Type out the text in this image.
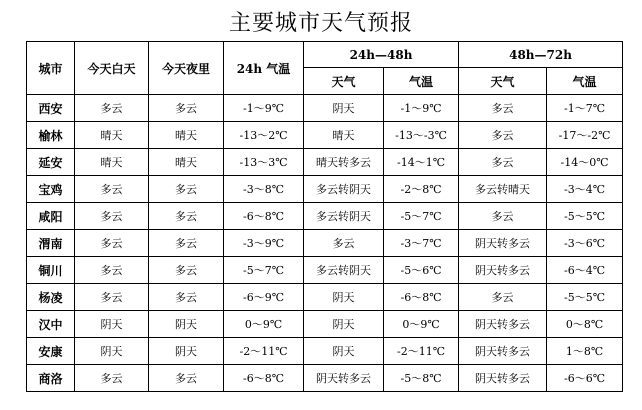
主要城市天气预报
城市	今天白天	今天夜里	24h 气温	24h—48h		48h—72h	
				天气	气温	天气	气温
西安	多云	多云	-1～9℃	阴天	-1～9℃	多云	-1～7℃
榆林	晴天	晴天	-13～2℃	晴天	-13～-3℃	多云	-17～-2℃
延安	晴天	晴天	-13～3℃	晴天转多云	-14～1℃	多云	-14～0℃
宝鸡	多云	多云	-3～8℃	多云转阴天	-2～8℃	多云转晴天	-3～4℃
咸阳	多云	多云	-6～8℃	多云转阴天	-5～7℃	多云	-5～5℃
渭南	多云	多云	-3～9℃	多云	-3～7℃	阴天转多云	-3～6℃
铜川	多云	多云	-5～7℃	多云转阴天	-5～6℃	阴天转多云	-6～4℃
杨凌	多云	多云	-6～9℃	阴天	-6～8℃	多云	-5～5℃
汉中	阴天	阴天	0～9℃	阴天	0～9℃	阴天转多云	0～8℃
安康	阴天	阴天	-2～11℃	阴天	-2～11℃	阴天转多云	1～8℃
商洛	多云	多云	-6～8℃	阴天转多云	-5～8℃	阴天转多云	-6～6℃
